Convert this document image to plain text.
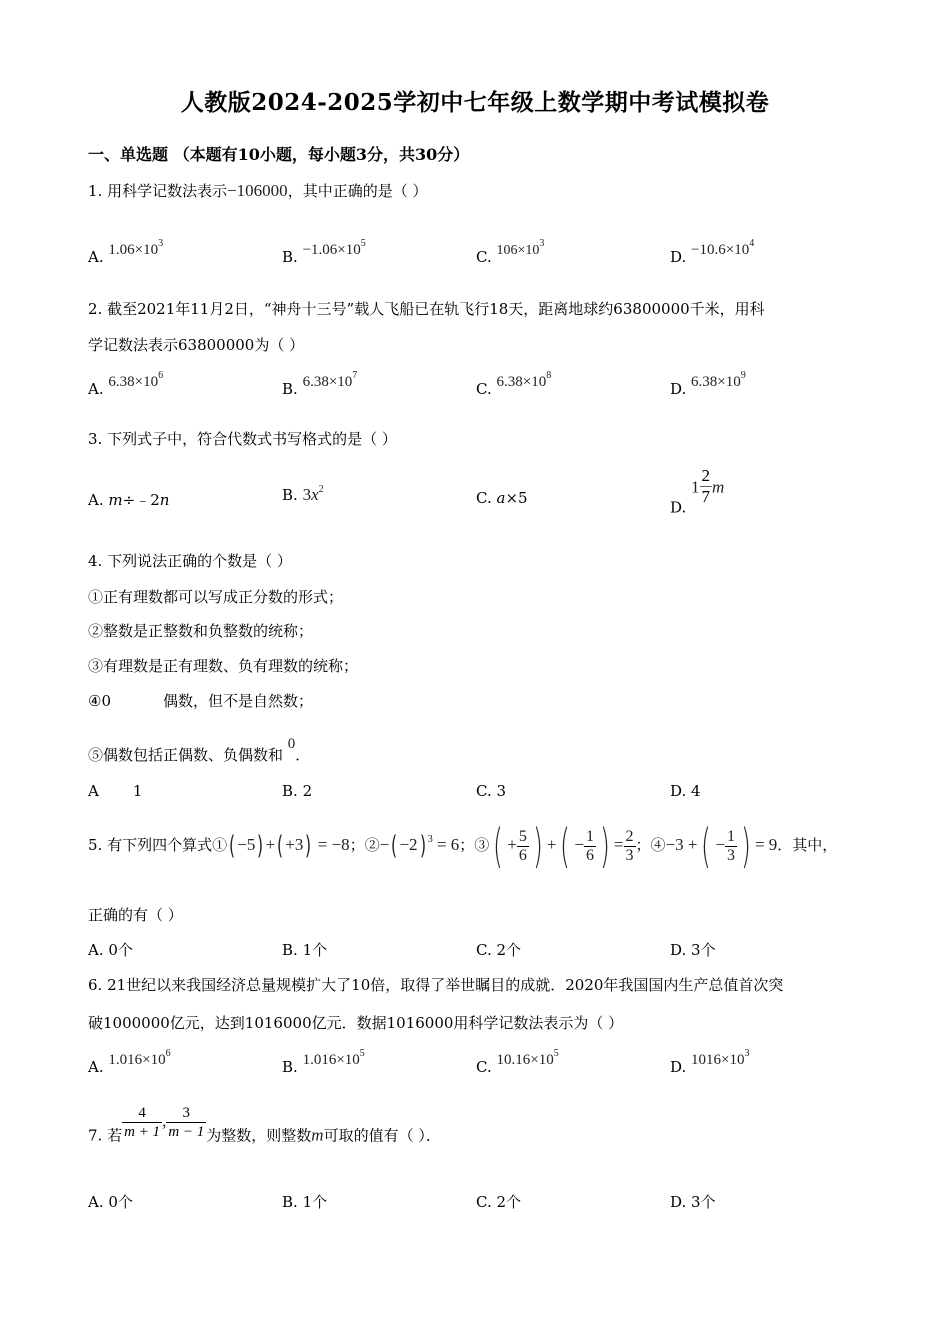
人教版2024-2025学初中七年级上数学期中考试模拟卷
一、单选题 （本题有10小题，每小题3分，共30分）
1. 用科学记数法表示−106000，其中正确的是（ ）
A. $1.06\times 10^3$
B. $-1.06\times 10^5$
C. $106\times 10^3$
D. $-10.6\times 10^4$
2. 截至2021年11月2日，“神舟十三号”载人飞船已在轨飞行18天，距离地球约63800000千米，用科
学记数法表示63800000为（ ）
A. $6.38\times 10^6$
B. $6.38\times 10^7$
C. $6.38\times 10^8$
D. $6.38\times 10^9$
3. 下列式子中，符合代数式书写格式的是（ ）
A. m÷﹣2n	B. $3x^2$	C. a×5
D. $1 \frac{2}{7}$ m
4. 下列说法正确的个数是（ ）
①正有理数都可以写成正分数的形式；
②整数是正整数和负整数的统称；
③有理数是正有理数、负有理数的统称；
④0	偶数，但不是自然数；
⑤偶数包括正偶数、负偶数和 0．
A 1	B. 2	C. 3	D. 4
5. 有下列四个算式①( −5) +( +3) = −8；②−( −2) $^3$ = 6；③( + $\frac{5}{6}$ ) +( − $\frac{1}{6}$ ) = $\frac{2}{3}$ ；④−3 +( − $\frac{1}{3}$ ) = 9．其中，
正确的有（ ）
A. 0个	B. 1个	C. 2个	D. 3个
6. 21世纪以来我国经济总量规模扩大了10倍，取得了举世瞩目的成就．2020年我国国内生产总值首次突
破1000000亿元，达到1016000亿元．数据1016000用科学记数法表示为（ ）
A. $1.016\times 10^6$
B. $1.016\times 10^5$
C. $10.16\times 10^5$
D. $1016\times 10^3$
7. 若 $\frac{4}{m + 1}$ , $\frac{3}{m - 1}$ 为整数，则整数m可取的值有（ ）．
A. 0个	B. 1个	C. 2个	D. 3个
